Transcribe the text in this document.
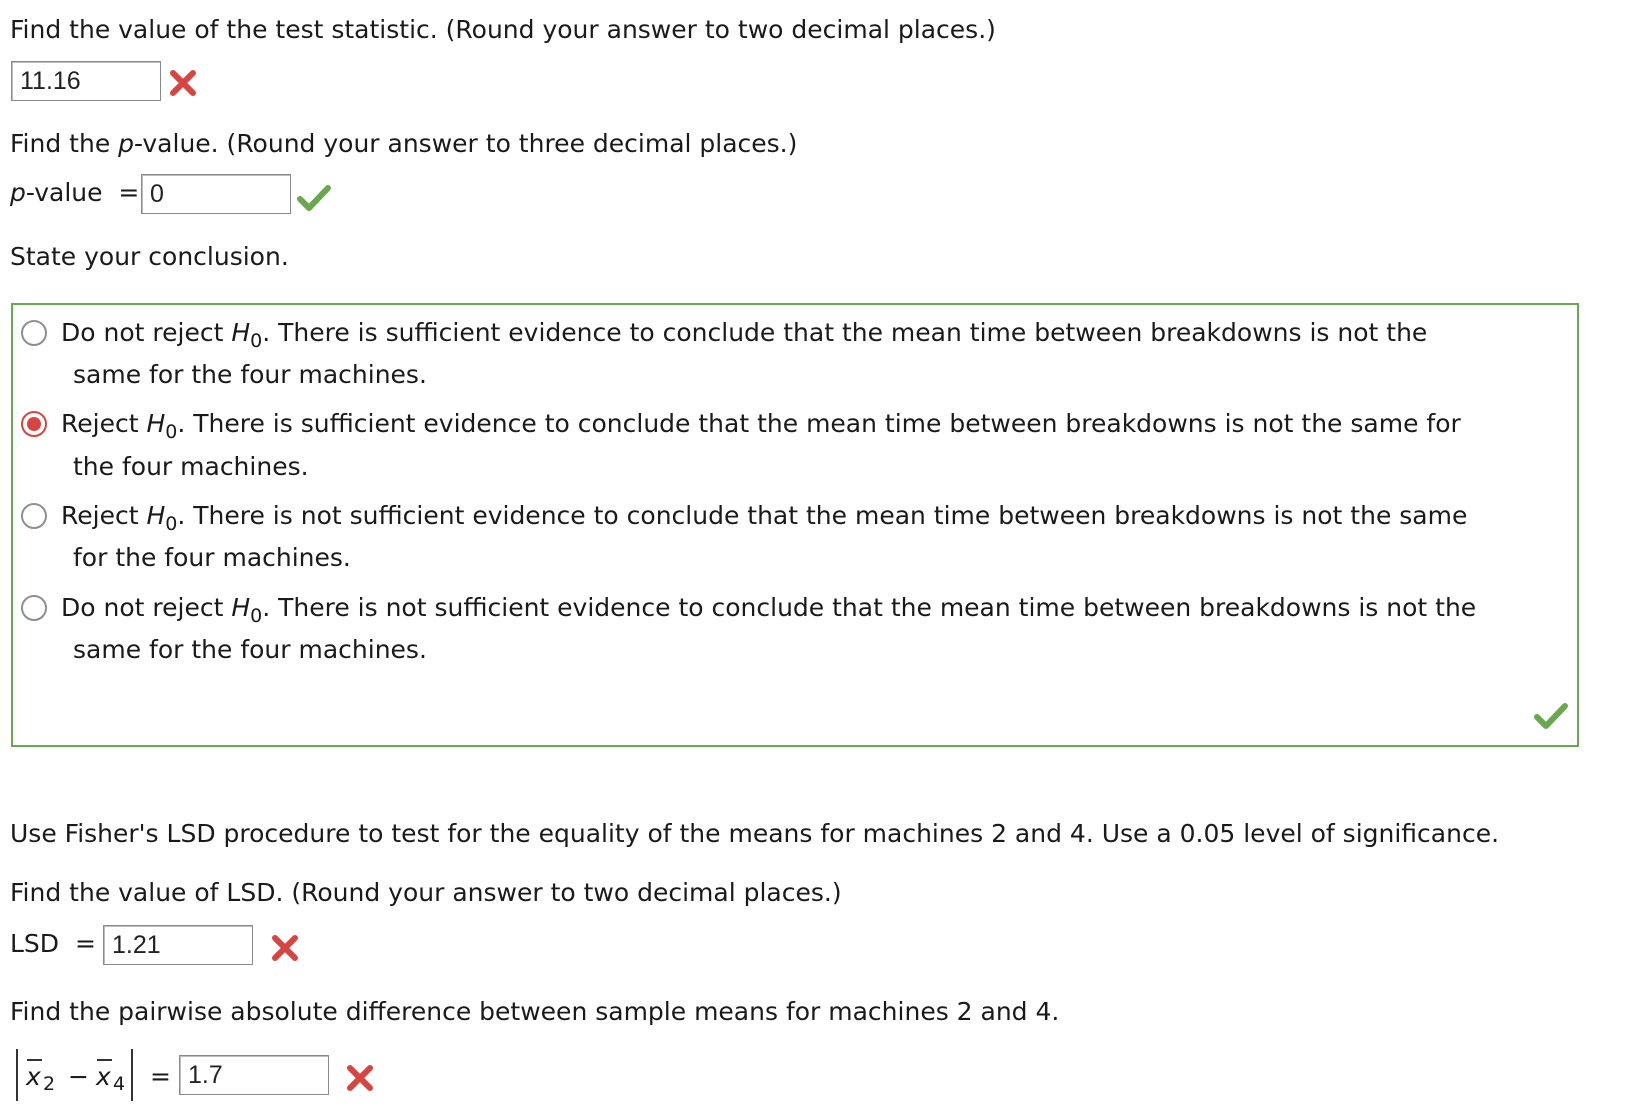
Find the value of the test statistic. (Round your answer to two decimal places.)
11.16
Find the p-value. (Round your answer to three decimal places.)
p-value  = 0
State your conclusion.
Do not reject $H_0$. There is sufficient evidence to conclude that the mean time between breakdowns is not the
same for the four machines.
Reject $H_0$. There is sufficient evidence to conclude that the mean time between breakdowns is not the same for
the four machines.
Reject $H_0$. There is not sufficient evidence to conclude that the mean time between breakdowns is not the same
for the four machines.
Do not reject $H_0$. There is not sufficient evidence to conclude that the mean time between breakdowns is not the
same for the four machines.
Use Fisher's LSD procedure to test for the equality of the means for machines 2 and 4. Use a 0.05 level of significance.
Find the value of LSD. (Round your answer to two decimal places.)
LSD  = 1.21
Find the pairwise absolute difference between sample means for machines 2 and 4.
x 2 − x 4 = 1.7
